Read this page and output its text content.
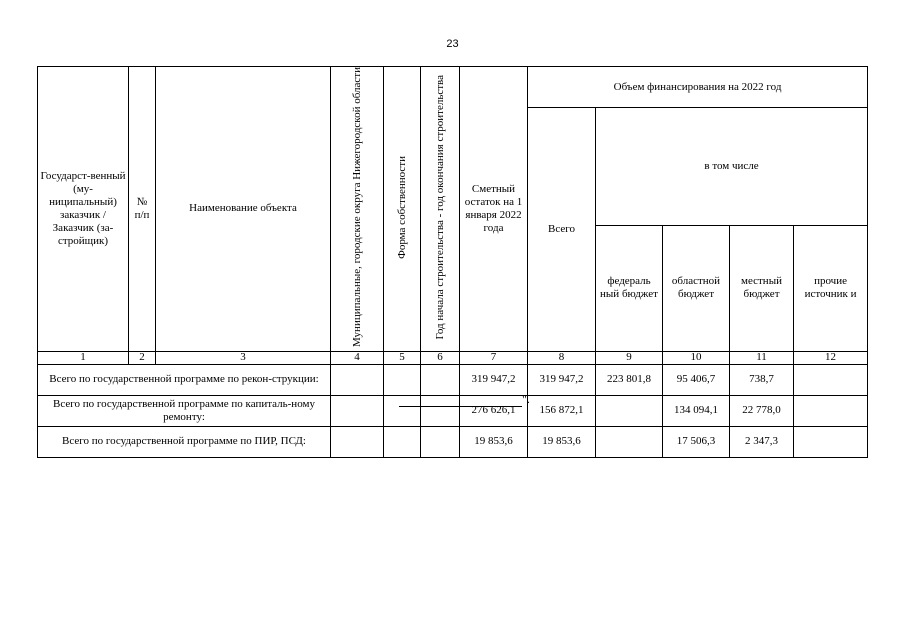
23
Государст-венный (му-ниципальный) заказчик / Заказчик (за-стройщик)	№ п/п	Наименование объекта	Муниципальные, городские округа Нижегородской области	Форма собственности	Год начала строительства - год окончания строительства	Сметный остаток на 1 января 2022 года	Объем финансирования на 2022 год				
							Всего	в том числе			
								федераль ный бюджет	областной бюджет	местный бюджет	прочие источник и
1	2	3	4	5	6	7	8	9	10	11	12
Всего по государственной программе по рекон-струкции:						319 947,2	319 947,2	223 801,8	95 406,7	738,7	
Всего по государственной программе по капиталь-ному ремонту:						276 626,1	156 872,1		134 094,1	22 778,0	
Всего по государственной программе по ПИР, ПСД:						19 853,6	19 853,6		17 506,3	2 347,3	
".
